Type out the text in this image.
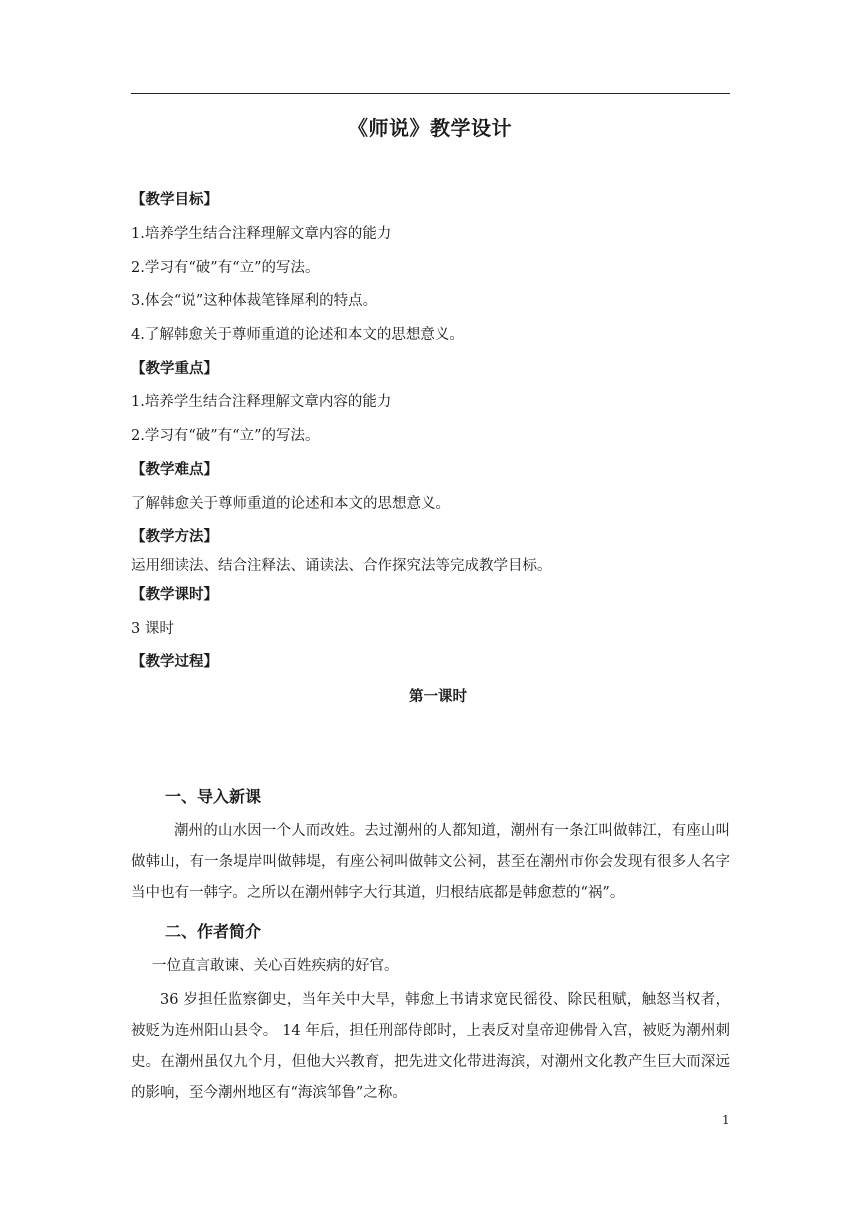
《师说》教学设计
【教学目标】
1.培养学生结合注释理解文章内容的能力
2.学习有“破”有“立”的写法。
3.体会“说”这种体裁笔锋犀利的特点。
4.了解韩愈关于尊师重道的论述和本文的思想意义。
【教学重点】
1.培养学生结合注释理解文章内容的能力
2.学习有“破”有“立”的写法。
【教学难点】
了解韩愈关于尊师重道的论述和本文的思想意义。
【教学方法】
运用细读法、结合注释法、诵读法、合作探究法等完成教学目标。
【教学课时】
3 课时
【教学过程】
第一课时
一、导入新课
潮州的山水因一个人而改姓。去过潮州的人都知道，潮州有一条江叫做韩江，有座山叫做韩山，有一条堤岸叫做韩堤，有座公祠叫做韩文公祠，甚至在潮州市你会发现有很多人名字当中也有一韩字。之所以在潮州韩字大行其道，归根结底都是韩愈惹的“祸”。
二、作者简介
一位直言敢谏、关心百姓疾病的好官。
36 岁担任监察御史，当年关中大旱，韩愈上书请求宽民徭役、除民租赋，触怒当权者，被贬为连州阳山县令。 14 年后，担任刑部侍郎时，上表反对皇帝迎佛骨入宫，被贬为潮州刺史。在潮州虽仅九个月，但他大兴教育，把先进文化带进海滨，对潮州文化教产生巨大而深远的影响，至今潮州地区有“海滨邹鲁”之称。
1
